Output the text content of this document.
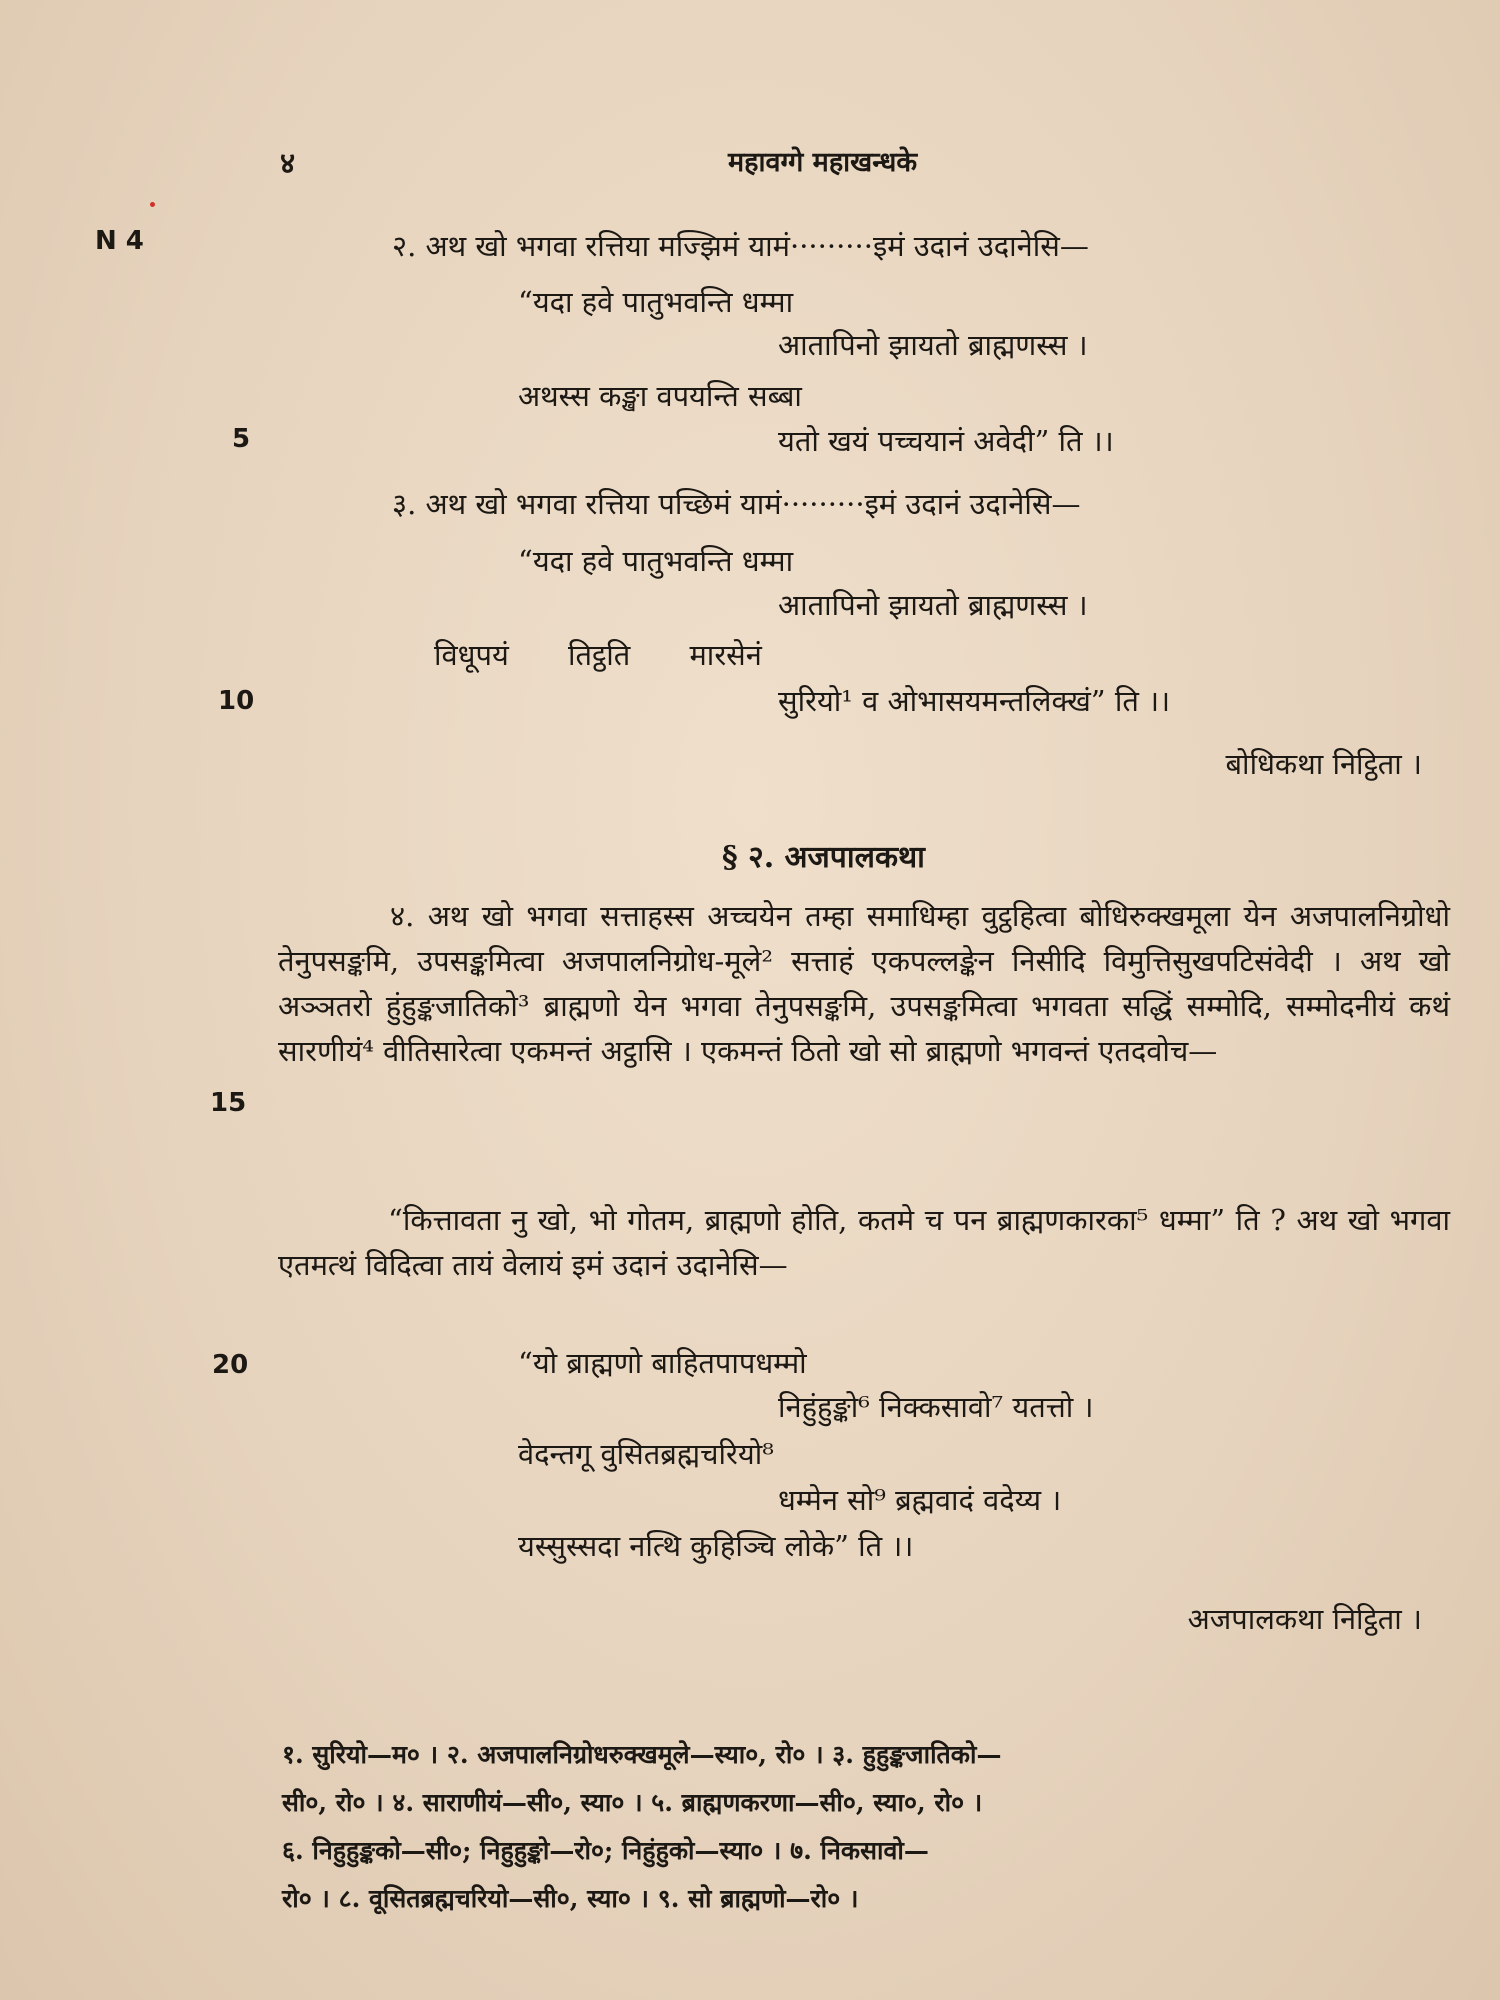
४	महावग्गे महाखन्धके
N 4
5
10
15
20
२. अथ खो भगवा रत्तिया मज्झिमं यामं·········इमं उदानं उदानेसि—
“यदा हवे पातुभवन्ति धम्मा
आतापिनो झायतो ब्राह्मणस्स ।
अथस्स कङ्खा वपयन्ति सब्बा
यतो खयं पच्चयानं अवेदी” ति ।।
३. अथ खो भगवा रत्तिया पच्छिमं यामं·········इमं उदानं उदानेसि—
“यदा हवे पातुभवन्ति धम्मा
आतापिनो झायतो ब्राह्मणस्स ।
विधूपयं तिट्ठति मारसेनं
सुरियो¹ व ओभासयमन्तलिक्खं” ति ।।
बोधिकथा निट्ठिता ।
§ २. अजपालकथा

४. अथ खो भगवा सत्ताहस्स अच्चयेन तम्हा समाधिम्हा वुट्ठहित्वा बोधिरुक्खमूला येन अजपालनिग्रोधो तेनुपसङ्कमि, उपसङ्कमित्वा अजपालनिग्रोध-मूले² सत्ताहं एकपल्लङ्केन निसीदि विमुत्तिसुखपटिसंवेदी । अथ खो अञ्ञतरो हुंहुङ्कजातिको³ ब्राह्मणो येन भगवा तेनुपसङ्कमि, उपसङ्कमित्वा भगवता सद्धिं सम्मोदि, सम्मोदनीयं कथं सारणीयं⁴ वीतिसारेत्वा एकमन्तं अट्ठासि । एकमन्तं ठितो खो सो ब्राह्मणो भगवन्तं एतदवोच—

“कित्तावता नु खो, भो गोतम, ब्राह्मणो होति, कतमे च पन ब्राह्मणकारका⁵ धम्मा” ति ? अथ खो भगवा एतमत्थं विदित्वा तायं वेलायं इमं उदानं उदानेसि—

“यो ब्राह्मणो बाहितपापधम्मो
निहुंहुङ्को⁶ निक्कसावो⁷ यतत्तो ।
वेदन्तगू वुसितब्रह्मचरियो⁸
धम्मेन सो⁹ ब्रह्मवादं वदेय्य ।
यस्सुस्सदा नत्थि कुहिञ्चि लोके” ति ।।
अजपालकथा निट्ठिता ।

१. सुरियो—म० । २. अजपालनिग्रोधरुक्खमूले—स्या०, रो० । ३. हुहुङ्कजातिको—

सी०, रो० । ४. साराणीयं—सी०, स्या० । ५. ब्राह्मणकरणा—सी०, स्या०, रो० ।

६. निहुहुङ्कको—सी०; निहुहुङ्को—रो०; निहुंहुको—स्या० । ७. निकसावो—

रो० । ८. वूसितब्रह्मचरियो—सी०, स्या० । ९. सो ब्राह्मणो—रो० ।
